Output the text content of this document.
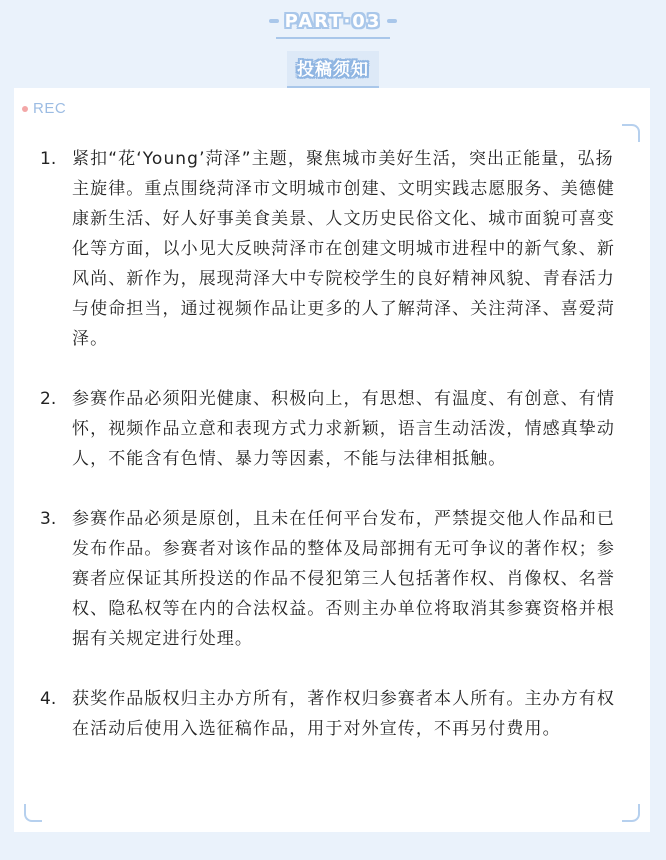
PART·03
投稿须知
REC
1. 紧扣“花‘Young’菏泽”主题，聚焦城市美好生活，突出正能量，弘扬主旋律。重点围绕菏泽市文明城市创建、文明实践志愿服务、美德健康新生活、好人好事美食美景、人文历史民俗文化、城市面貌可喜变化等方面，以小见大反映菏泽市在创建文明城市进程中的新气象、新风尚、新作为，展现菏泽大中专院校学生的良好精神风貌、青春活力与使命担当，通过视频作品让更多的人了解菏泽、关注菏泽、喜爱菏泽。
2. 参赛作品必须阳光健康、积极向上，有思想、有温度、有创意、有情怀，视频作品立意和表现方式力求新颖，语言生动活泼，情感真挚动人，不能含有色情、暴力等因素，不能与法律相抵触。
3. 参赛作品必须是原创，且未在任何平台发布，严禁提交他人作品和已发布作品。参赛者对该作品的整体及局部拥有无可争议的著作权；参赛者应保证其所投送的作品不侵犯第三人包括著作权、肖像权、名誉权、隐私权等在内的合法权益。否则主办单位将取消其参赛资格并根据有关规定进行处理。
4. 获奖作品版权归主办方所有，著作权归参赛者本人所有。主办方有权在活动后使用入选征稿作品，用于对外宣传，不再另付费用。
